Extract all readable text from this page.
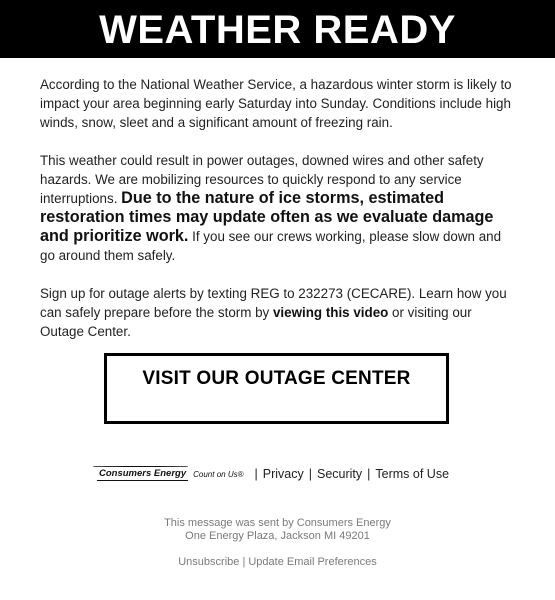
WEATHER READY

According to the National Weather Service, a hazardous winter storm is likely to impact your area beginning early Saturday into Sunday. Conditions include high winds, snow, sleet and a significant amount of freezing rain.

This weather could result in power outages, downed wires and other safety hazards. We are mobilizing resources to quickly respond to any service interruptions. Due to the nature of ice storms, estimated restoration times may update often as we evaluate damage and prioritize work. If you see our crews working, please slow down and go around them safely.

Sign up for outage alerts by texting REG to 232273 (CECARE). Learn how you can safely prepare before the storm by viewing this video or visiting our Outage Center.

VISIT OUR OUTAGE CENTER
Consumers Energy Count on Us® | Privacy | Security | Terms of Use
This message was sent by Consumers Energy
One Energy Plaza, Jackson MI 49201
Unsubscribe | Update Email Preferences
